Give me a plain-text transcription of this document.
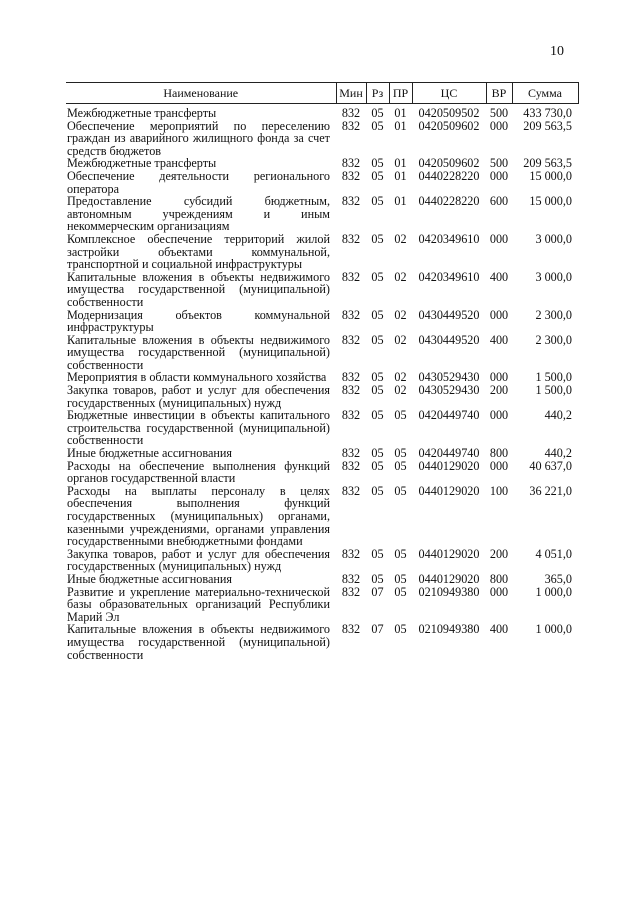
10
Наименование	Мин	Рз	ПР	ЦС	ВР	Сумма

Межбюджетные трансферты	832	05	01	0420509502	500	433 730,0
Обеспечение мероприятий по переселению граждан из аварийного жилищного фонда за счет средств бюджетов	832	05	01	0420509602	000	209 563,5
Межбюджетные трансферты	832	05	01	0420509602	500	209 563,5
Обеспечение деятельности регионального оператора	832	05	01	0440228220	000	15 000,0
Предоставление субсидий бюджетным, автономным учреждениям и иным некоммерческим организациям	832	05	01	0440228220	600	15 000,0
Комплексное обеспечение территорий жилой застройки объектами коммунальной, транспортной и социальной инфраструктуры	832	05	02	0420349610	000	3 000,0
Капитальные вложения в объекты недвижимого имущества государственной (муниципальной) собственности	832	05	02	0420349610	400	3 000,0
Модернизация объектов коммунальной инфраструктуры	832	05	02	0430449520	000	2 300,0
Капитальные вложения в объекты недвижимого имущества государственной (муниципальной) собственности	832	05	02	0430449520	400	2 300,0
Мероприятия в области коммунального хозяйства	832	05	02	0430529430	000	1 500,0
Закупка товаров, работ и услуг для обеспечения государственных (муниципальных) нужд	832	05	02	0430529430	200	1 500,0
Бюджетные инвестиции в объекты капитального строительства государственной (муниципальной) собственности	832	05	05	0420449740	000	440,2
Иные бюджетные ассигнования	832	05	05	0420449740	800	440,2
Расходы на обеспечение выполнения функций органов государственной власти	832	05	05	0440129020	000	40 637,0
Расходы на выплаты персоналу в целях обеспечения выполнения функций государственных (муниципальных) органами, казенными учреждениями, органами управления государственными внебюджетными фондами	832	05	05	0440129020	100	36 221,0
Закупка товаров, работ и услуг для обеспечения государственных (муниципальных) нужд	832	05	05	0440129020	200	4 051,0
Иные бюджетные ассигнования	832	05	05	0440129020	800	365,0
Развитие и укрепление материально-технической базы образовательных организаций Республики Марий Эл	832	07	05	0210949380	000	1 000,0
Капитальные вложения в объекты недвижимого имущества государственной (муниципальной) собственности	832	07	05	0210949380	400	1 000,0
